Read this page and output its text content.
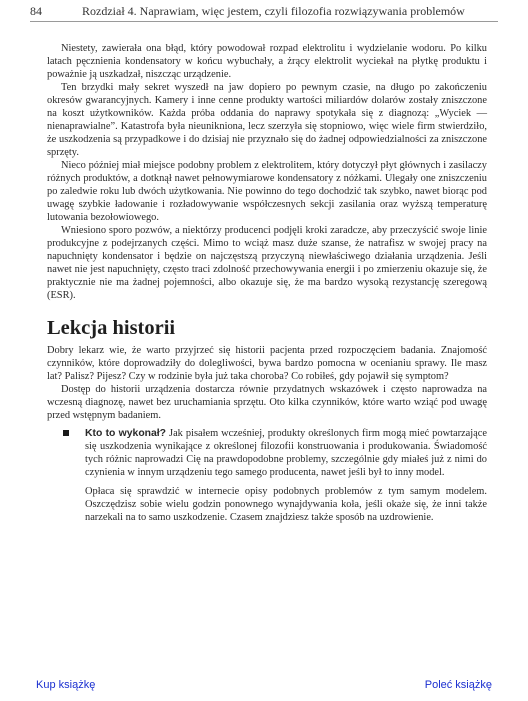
84	Rozdział 4. Naprawiam, więc jestem, czyli filozofia rozwiązywania problemów

Niestety, zawierała ona błąd, który powodował rozpad elektrolitu i wydzielanie wodoru. Po kilku latach pęcznienia kondensatory w końcu wybuchały, a żrący elektrolit wyciekał na płytkę produktu i poważnie ją uszkadzał, niszcząc urządzenie.

Ten brzydki mały sekret wyszedł na jaw dopiero po pewnym czasie, na długo po zakończeniu okresów gwarancyjnych. Kamery i inne cenne produkty wartości miliardów dolarów zostały zniszczone na koszt użytkowników. Każda próba oddania do naprawy spotykała się z diagnozą: „Wyciek — nienaprawialne”. Katastrofa była nieunikniona, lecz szerzyła się stopniowo, więc wiele firm stwierdziło, że uszkodzenia są przypadkowe i do dzisiaj nie przyznało się do żadnej odpowiedzialności za zniszczone sprzęty.

Nieco później miał miejsce podobny problem z elektrolitem, który dotyczył płyt głównych i zasilaczy różnych produktów, a dotknął nawet pełnowymiarowe kondensatory z nóżkami. Ulegały one zniszczeniu po zaledwie roku lub dwóch użytkowania. Nie powinno do tego dochodzić tak szybko, nawet biorąc pod uwagę szybkie ładowanie i rozładowywanie współczesnych sekcji zasilania oraz wyższą temperaturę lutowania bezołowiowego.

Wniesiono sporo pozwów, a niektórzy producenci podjęli kroki zaradcze, aby przeczyścić swoje linie produkcyjne z podejrzanych części. Mimo to wciąż masz duże szanse, że natrafisz w swojej pracy na napuchnięty kondensator i będzie on najczęstszą przyczyną niewłaściwego działania urządzenia. Jeśli nawet nie jest napuchnięty, często traci zdolność przechowywania energii i po zmierzeniu okazuje się, że praktycznie nie ma żadnej pojemności, albo okazuje się, że ma bardzo wysoką rezystancję szeregową (ESR).

Lekcja historii

Dobry lekarz wie, że warto przyjrzeć się historii pacjenta przed rozpoczęciem badania. Znajomość czynników, które doprowadziły do dolegliwości, bywa bardzo pomocna w ocenianiu sprawy. Ile masz lat? Palisz? Pijesz? Czy w rodzinie była już taka choroba? Co robiłeś, gdy pojawił się symptom?

Dostęp do historii urządzenia dostarcza równie przydatnych wskazówek i często naprowadza na wczesną diagnozę, nawet bez uruchamiania sprzętu. Oto kilka czynników, które warto wziąć pod uwagę przed wstępnym badaniem.

Kto to wykonał? Jak pisałem wcześniej, produkty określonych firm mogą mieć powtarzające się uszkodzenia wynikające z określonej filozofii konstruowania i produkowania. Świadomość tych różnic naprowadzi Cię na prawdopodobne problemy, szczególnie gdy miałeś już z nimi do czynienia w innym urządzeniu tego samego producenta, nawet jeśli był to inny model.

Opłaca się sprawdzić w internecie opisy podobnych problemów z tym samym modelem. Oszczędzisz sobie wielu godzin ponownego wynajdywania koła, jeśli okaże się, że inni także narzekali na to samo uszkodzenie. Czasem znajdziesz także sposób na uzdrowienie.

Kup książkę	Poleć książkę
